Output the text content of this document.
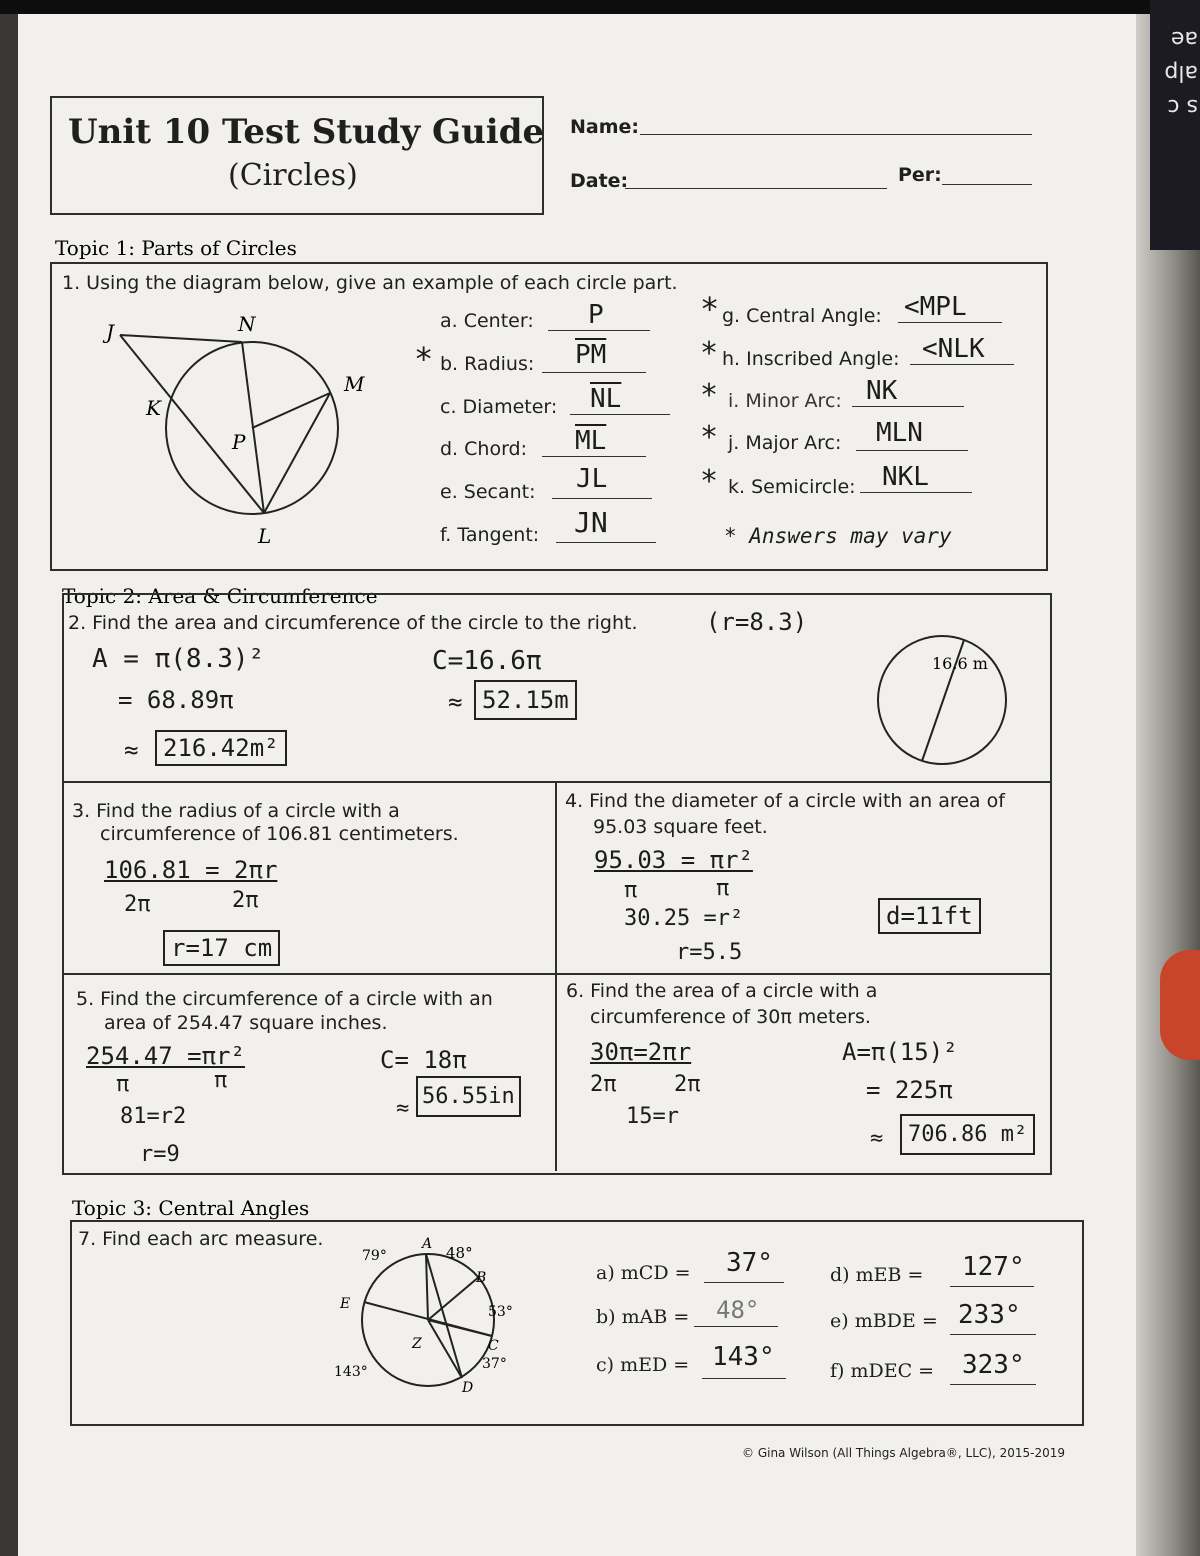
ae
alp
s c
Unit 10 Test Study Guide
(Circles)
Name:
Date:	Per:
Topic 1: Parts of Circles
1. Using the diagram below, give an example of each circle part.
J	N
M
K
P
L
a. Center: P
* b. Radius: $\overline{PM}$
c. Diameter: $\overline{NL}$
d. Chord: $\overline{ML}$
e. Secant: JL
f. Tangent: JN
* g. Central Angle: <MPL
* h. Inscribed Angle: <NLK
* i. Minor Arc: NK
* j. Major Arc: MLN
* k. Semicircle: NKL
* Answers may vary
Topic 2: Area & Circumference
2. Find the area and circumference of the circle to the right.	(r=8.3)
A = π(8.3)²
= 68.89π
≈	216.42m²
C=16.6π
≈ 52.15m
16.6 m
3. Find the radius of a circle with a
circumference of 106.81 centimeters.
106.81 = 2πr
2π	2π
r=17 cm
4. Find the diameter of a circle with an area of
95.03 square feet.
95.03 = πr²
π	π
30.25 =r²
r=5.5
d=11ft
5. Find the circumference of a circle with an
area of 254.47 square inches.
254.47 =πr²
π	π
81=r2
r=9
C= 18π
≈ 56.55in
6. Find the area of a circle with a
circumference of 30π meters.
30π=2πr
2π	2π
15=r
A=π(15)²
= 225π
≈	706.86 m²
Topic 3: Central Angles
7. Find each arc measure.	A
B
C
D
E
Z
79°	48°
53°
37°
143°
a) mCD = 37°
b) mAB = 48°
c) mED = 143°
d) mEB = 127°
e) mBDE = 233°
f) mDEC = 323°
© Gina Wilson (All Things Algebra®, LLC), 2015-2019
